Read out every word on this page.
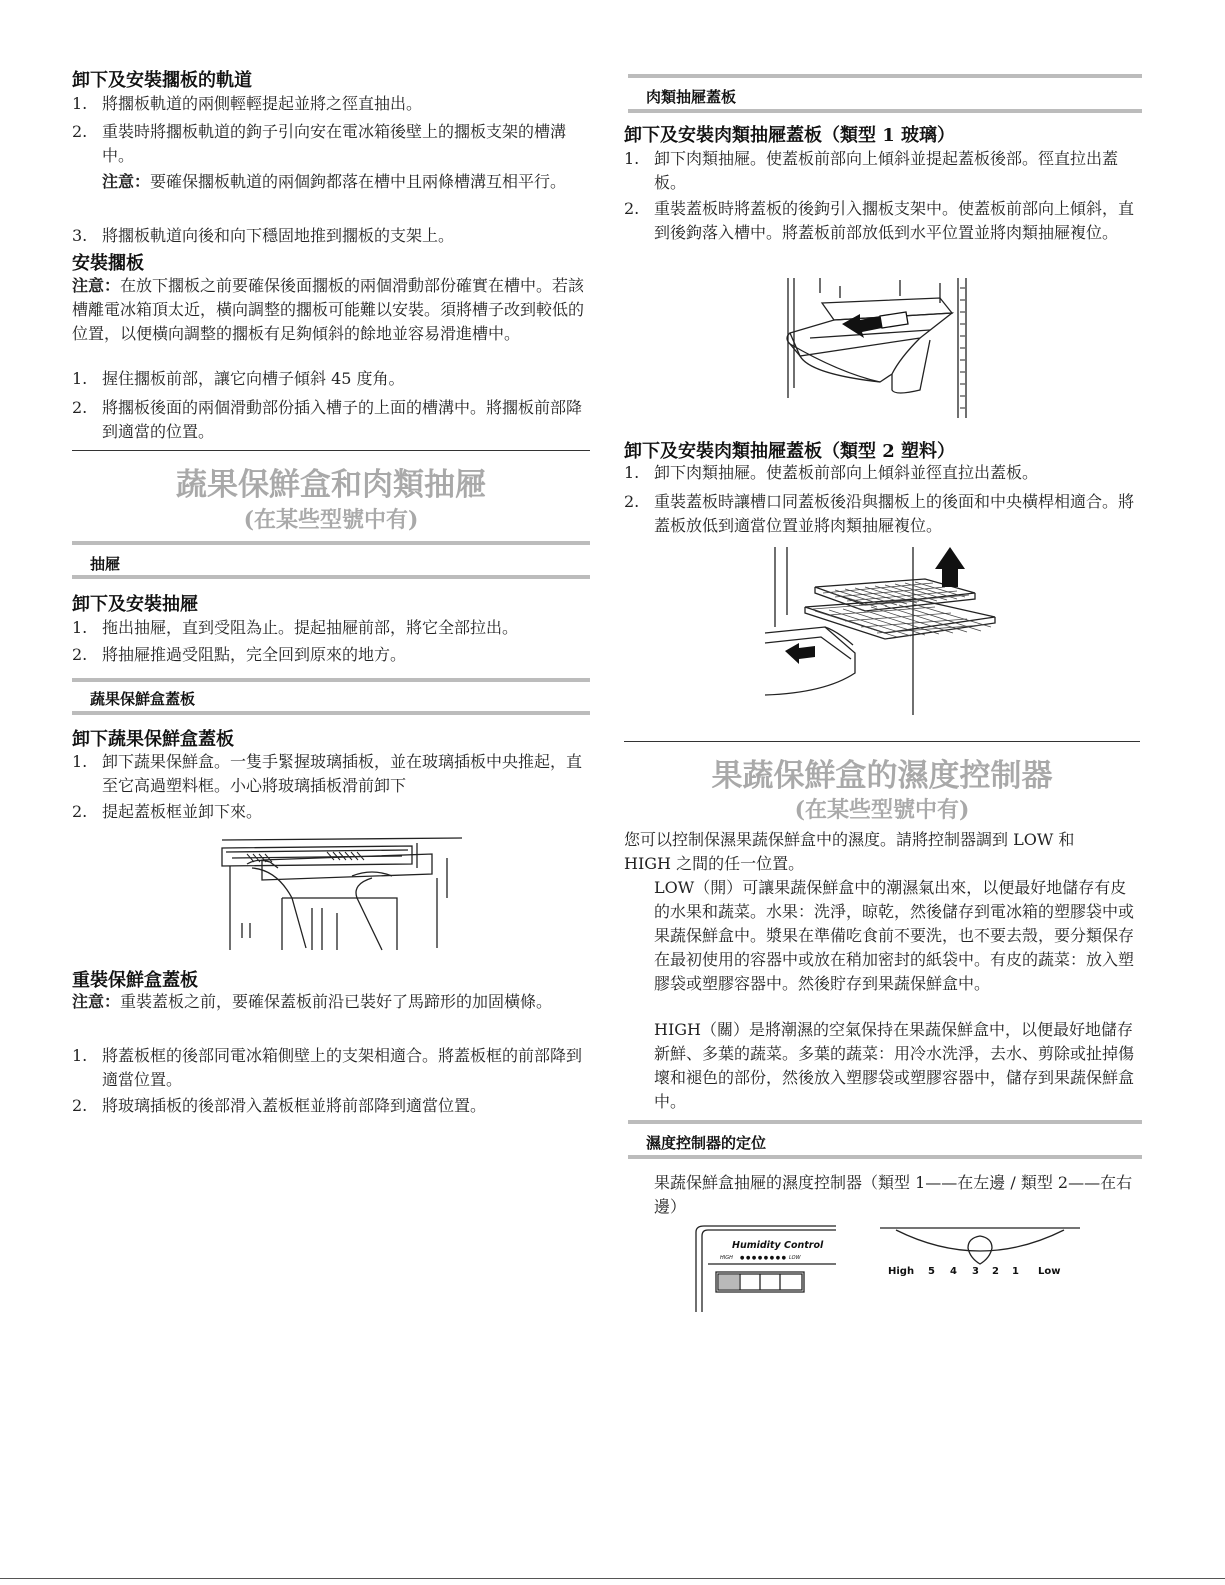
卸下及安裝擱板的軌道
1. 將擱板軌道的兩側輕輕提起並將之徑直抽出。
2. 重裝時將擱板軌道的鉤子引向安在電冰箱後壁上的擱板支架的槽溝中。
注意：要確保擱板軌道的兩個鉤都落在槽中且兩條槽溝互相平行。
3. 將擱板軌道向後和向下穩固地推到擱板的支架上。
安裝擱板
注意：在放下擱板之前要確保後面擱板的兩個滑動部份確實在槽中。若該槽離電冰箱頂太近，橫向調整的擱板可能難以安裝。須將槽子改到較低的位置，以便橫向調整的擱板有足夠傾斜的餘地並容易滑進槽中。
1. 握住擱板前部，讓它向槽子傾斜 45 度角。
2. 將擱板後面的兩個滑動部份插入槽子的上面的槽溝中。將擱板前部降到適當的位置。
蔬果保鮮盒和肉類抽屜
(在某些型號中有)
抽屜
卸下及安裝抽屜
1. 拖出抽屜，直到受阻為止。提起抽屜前部，將它全部拉出。
2. 將抽屜推過受阻點，完全回到原來的地方。
蔬果保鮮盒蓋板
卸下蔬果保鮮盒蓋板
1. 卸下蔬果保鮮盒。一隻手緊握玻璃插板，並在玻璃插板中央推起，直至它高過塑料框。小心將玻璃插板滑前卸下
2. 提起蓋板框並卸下來。
重裝保鮮盒蓋板
注意：重裝蓋板之前，要確保蓋板前沿已裝好了馬蹄形的加固橫條。
1. 將蓋板框的後部同電冰箱側壁上的支架相適合。將蓋板框的前部降到適當位置。
2. 將玻璃插板的後部滑入蓋板框並將前部降到適當位置。
肉類抽屜蓋板
卸下及安裝肉類抽屜蓋板（類型 1 玻璃）
1. 卸下肉類抽屜。使蓋板前部向上傾斜並提起蓋板後部。徑直拉出蓋板。
2. 重裝蓋板時將蓋板的後鉤引入擱板支架中。使蓋板前部向上傾斜，直到後鉤落入槽中。將蓋板前部放低到水平位置並將肉類抽屜複位。
卸下及安裝肉類抽屜蓋板（類型 2 塑料）
1. 卸下肉類抽屜。使蓋板前部向上傾斜並徑直拉出蓋板。
2. 重裝蓋板時讓槽口同蓋板後沿與擱板上的後面和中央橫桿相適合。將蓋板放低到適當位置並將肉類抽屜複位。
果蔬保鮮盒的濕度控制器
(在某些型號中有)
您可以控制保濕果蔬保鮮盒中的濕度。請將控制器調到 LOW 和 HIGH 之間的任一位置。
LOW（開）可讓果蔬保鮮盒中的潮濕氣出來，以便最好地儲存有皮的水果和蔬菜。水果：洗淨，晾乾，然後儲存到電冰箱的塑膠袋中或果蔬保鮮盒中。漿果在準備吃食前不要洗，也不要去殼，要分類保存在最初使用的容器中或放在稍加密封的紙袋中。有皮的蔬菜：放入塑膠袋或塑膠容器中。然後貯存到果蔬保鮮盒中。
HIGH（關）是將潮濕的空氣保持在果蔬保鮮盒中，以便最好地儲存新鮮、多葉的蔬菜。多葉的蔬菜：用冷水洗淨，去水、剪除或扯掉傷壞和褪色的部份，然後放入塑膠袋或塑膠容器中，儲存到果蔬保鮮盒中。
濕度控制器的定位
果蔬保鮮盒抽屜的濕度控制器（類型 1——在左邊 / 類型 2——在右邊）
Humidity Control
HIGH ● ● ● ● ● ● ● ● LOW
High 5 4 3 2 1 Low
